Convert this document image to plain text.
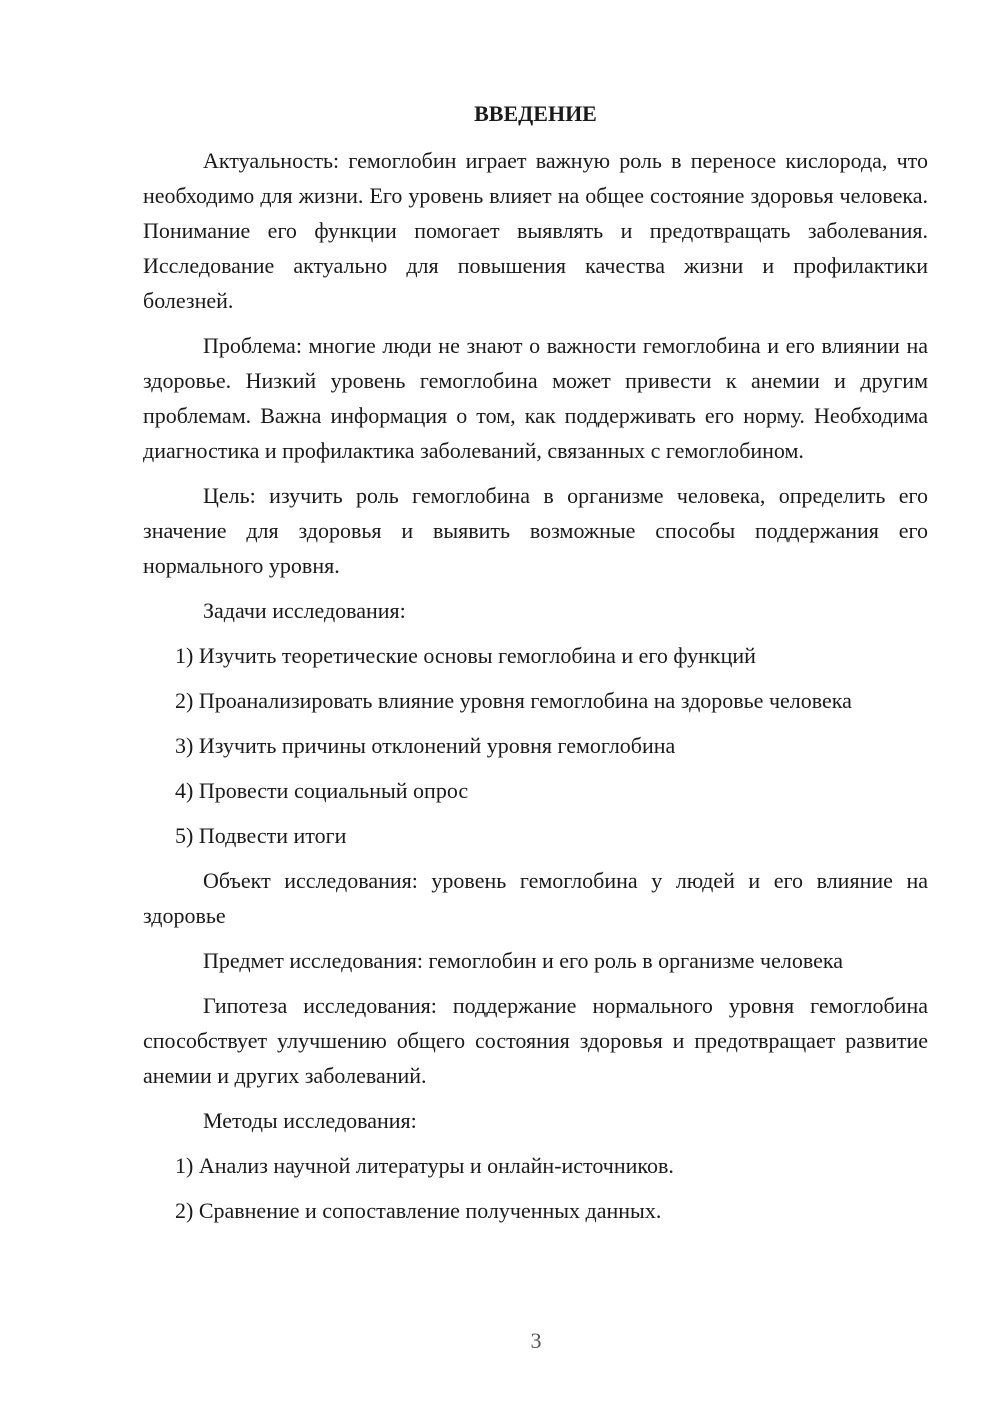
ВВЕДЕНИЕ

Актуальность: гемоглобин играет важную роль в переносе кислорода, что необходимо для жизни. Его уровень влияет на общее состояние здоровья человека. Понимание его функции помогает выявлять и предотвращать заболевания. Исследование актуально для повышения качества жизни и профилактики болезней.

Проблема: многие люди не знают о важности гемоглобина и его влиянии на здоровье. Низкий уровень гемоглобина может привести к анемии и другим проблемам. Важна информация о том, как поддерживать его норму. Необходима диагностика и профилактика заболеваний, связанных с гемоглобином.

Цель: изучить роль гемоглобина в организме человека, определить его значение для здоровья и выявить возможные способы поддержания его нормального уровня.

Задачи исследования:

1) Изучить теоретические основы гемоглобина и его функций

2) Проанализировать влияние уровня гемоглобина на здоровье человека

3) Изучить причины отклонений уровня гемоглобина

4) Провести социальный опрос

5) Подвести итоги

Объект исследования: уровень гемоглобина у людей и его влияние на здоровье

Предмет исследования: гемоглобин и его роль в организме человека

Гипотеза исследования: поддержание нормального уровня гемоглобина способствует улучшению общего состояния здоровья и предотвращает развитие анемии и других заболеваний.

Методы исследования:

1) Анализ научной литературы и онлайн-источников.

2) Сравнение и сопоставление полученных данных.

3
